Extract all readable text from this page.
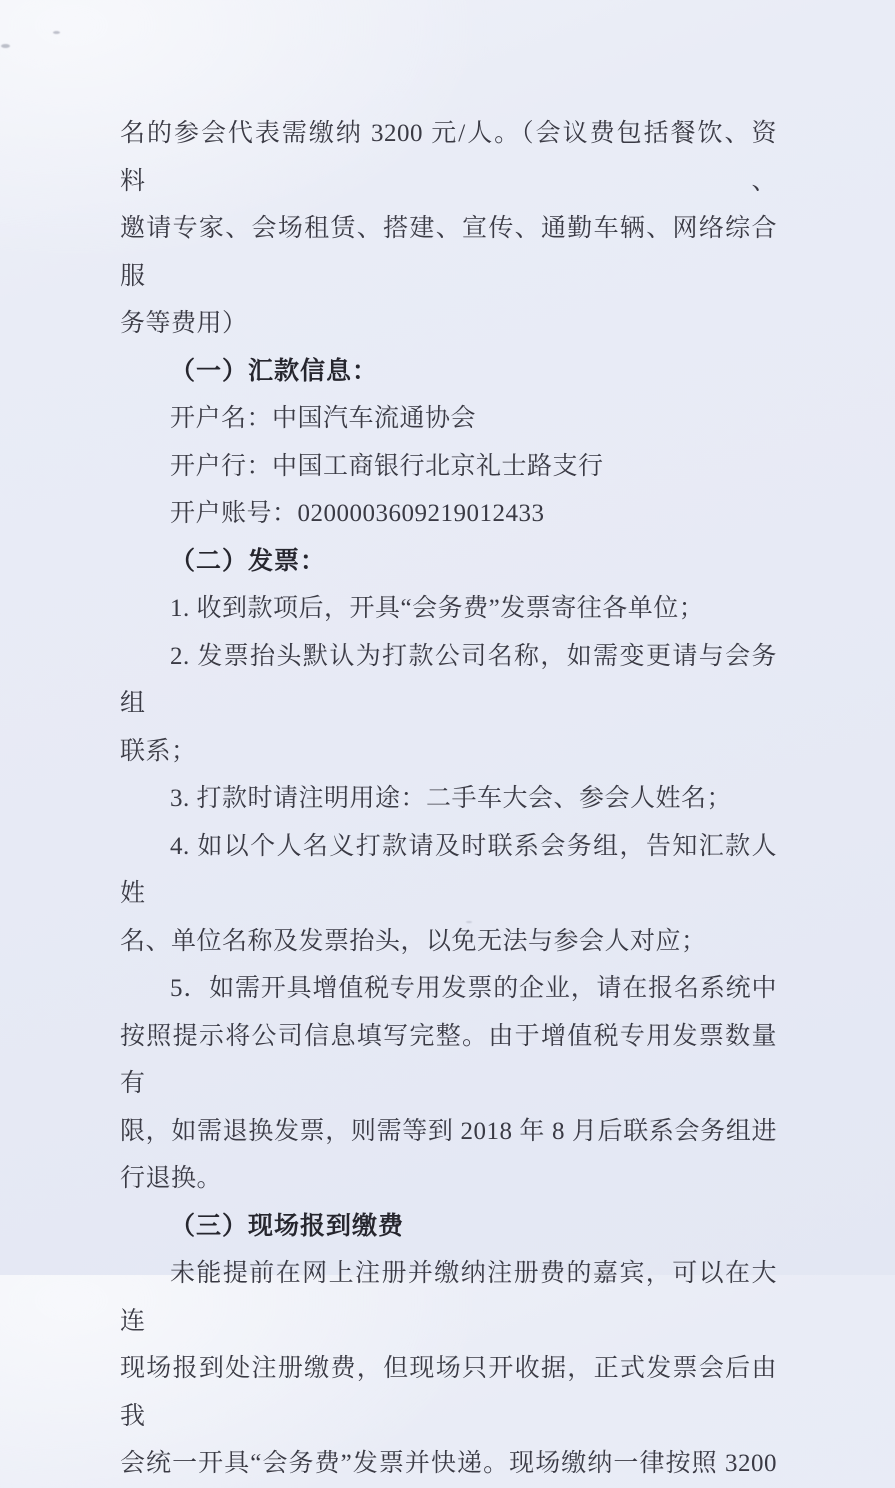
名的参会代表需缴纳 3200 元/人。（会议费包括餐饮、资料、
邀请专家、会场租赁、搭建、宣传、通勤车辆、网络综合服
务等费用）
（一）汇款信息：
开户名：中国汽车流通协会
开户行：中国工商银行北京礼士路支行
开户账号：0200003609219012433
（二）发票：
1. 收到款项后，开具“会务费”发票寄往各单位；
2. 发票抬头默认为打款公司名称，如需变更请与会务组
联系；
3. 打款时请注明用途：二手车大会、参会人姓名；
4. 如以个人名义打款请及时联系会务组，告知汇款人姓
名、单位名称及发票抬头，以免无法与参会人对应；
5．如需开具增值税专用发票的企业，请在报名系统中
按照提示将公司信息填写完整。由于增值税专用发票数量有
限，如需退换发票，则需等到 2018 年 8 月后联系会务组进
行退换。
（三）现场报到缴费
未能提前在网上注册并缴纳注册费的嘉宾，可以在大连
现场报到处注册缴费，但现场只开收据，正式发票会后由我
会统一开具“会务费”发票并快递。现场缴纳一律按照 3200
